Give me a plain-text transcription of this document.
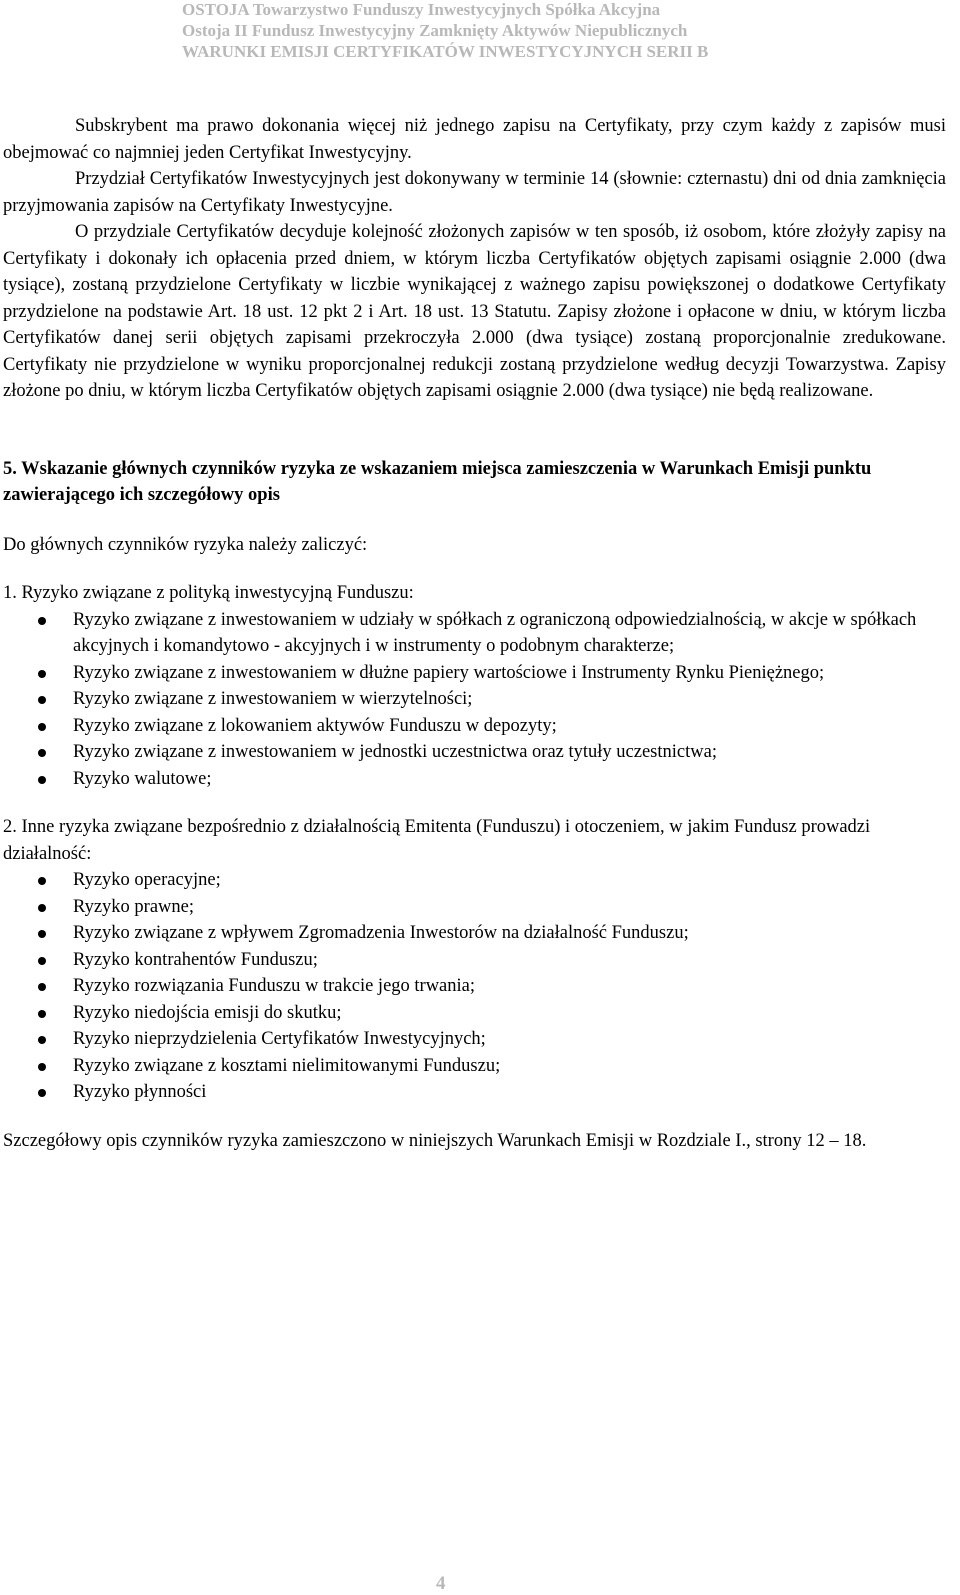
OSTOJA Towarzystwo Funduszy Inwestycyjnych Spółka Akcyjna
Ostoja II Fundusz Inwestycyjny Zamknięty Aktywów Niepublicznych
WARUNKI EMISJI CERTYFIKATÓW INWESTYCYJNYCH SERII B

Subskrybent ma prawo dokonania więcej niż jednego zapisu na Certyfikaty, przy czym każdy z zapisów musi obejmować co najmniej jeden Certyfikat Inwestycyjny.

Przydział Certyfikatów Inwestycyjnych jest dokonywany w terminie 14 (słownie: czternastu) dni od dnia zamknięcia przyjmowania zapisów na Certyfikaty Inwestycyjne.

O przydziale Certyfikatów decyduje kolejność złożonych zapisów w ten sposób, iż osobom, które złożyły zapisy na Certyfikaty i dokonały ich opłacenia przed dniem, w którym liczba Certyfikatów objętych zapisami osiągnie 2.000 (dwa tysiące), zostaną przydzielone Certyfikaty w liczbie wynikającej z ważnego zapisu powiększonej o dodatkowe Certyfikaty przydzielone na podstawie Art. 18 ust. 12 pkt 2 i Art. 18 ust. 13 Statutu. Zapisy złożone i opłacone w dniu, w którym liczba Certyfikatów danej serii objętych zapisami przekroczyła 2.000 (dwa tysiące) zostaną proporcjonalnie zredukowane. Certyfikaty nie przydzielone w wyniku proporcjonalnej redukcji zostaną przydzielone według decyzji Towarzystwa. Zapisy złożone po dniu, w którym liczba Certyfikatów objętych zapisami osiągnie 2.000 (dwa tysiące) nie będą realizowane.

5. Wskazanie głównych czynników ryzyka ze wskazaniem miejsca zamieszczenia w Warunkach Emisji punktu zawierającego ich szczegółowy opis

Do głównych czynników ryzyka należy zaliczyć:

1. Ryzyko związane z polityką inwestycyjną Funduszu:

Ryzyko związane z inwestowaniem w udziały w spółkach z ograniczoną odpowiedzialnością, w akcje w spółkach akcyjnych i komandytowo - akcyjnych i w instrumenty o podobnym charakterze;
Ryzyko związane z inwestowaniem w dłużne papiery wartościowe i Instrumenty Rynku Pieniężnego;
Ryzyko związane z inwestowaniem w wierzytelności;
Ryzyko związane z lokowaniem aktywów Funduszu w depozyty;
Ryzyko związane z inwestowaniem w jednostki uczestnictwa oraz tytuły uczestnictwa;
Ryzyko walutowe;

2. Inne ryzyka związane bezpośrednio z działalnością Emitenta (Funduszu) i otoczeniem, w jakim Fundusz prowadzi działalność:

Ryzyko operacyjne;
Ryzyko prawne;
Ryzyko związane z wpływem Zgromadzenia Inwestorów na działalność Funduszu;
Ryzyko kontrahentów Funduszu;
Ryzyko rozwiązania Funduszu w trakcie jego trwania;
Ryzyko niedojścia emisji do skutku;
Ryzyko nieprzydzielenia Certyfikatów Inwestycyjnych;
Ryzyko związane z kosztami nielimitowanymi Funduszu;
Ryzyko płynności

Szczegółowy opis czynników ryzyka zamieszczono w niniejszych Warunkach Emisji w Rozdziale I., strony 12 – 18.

4
